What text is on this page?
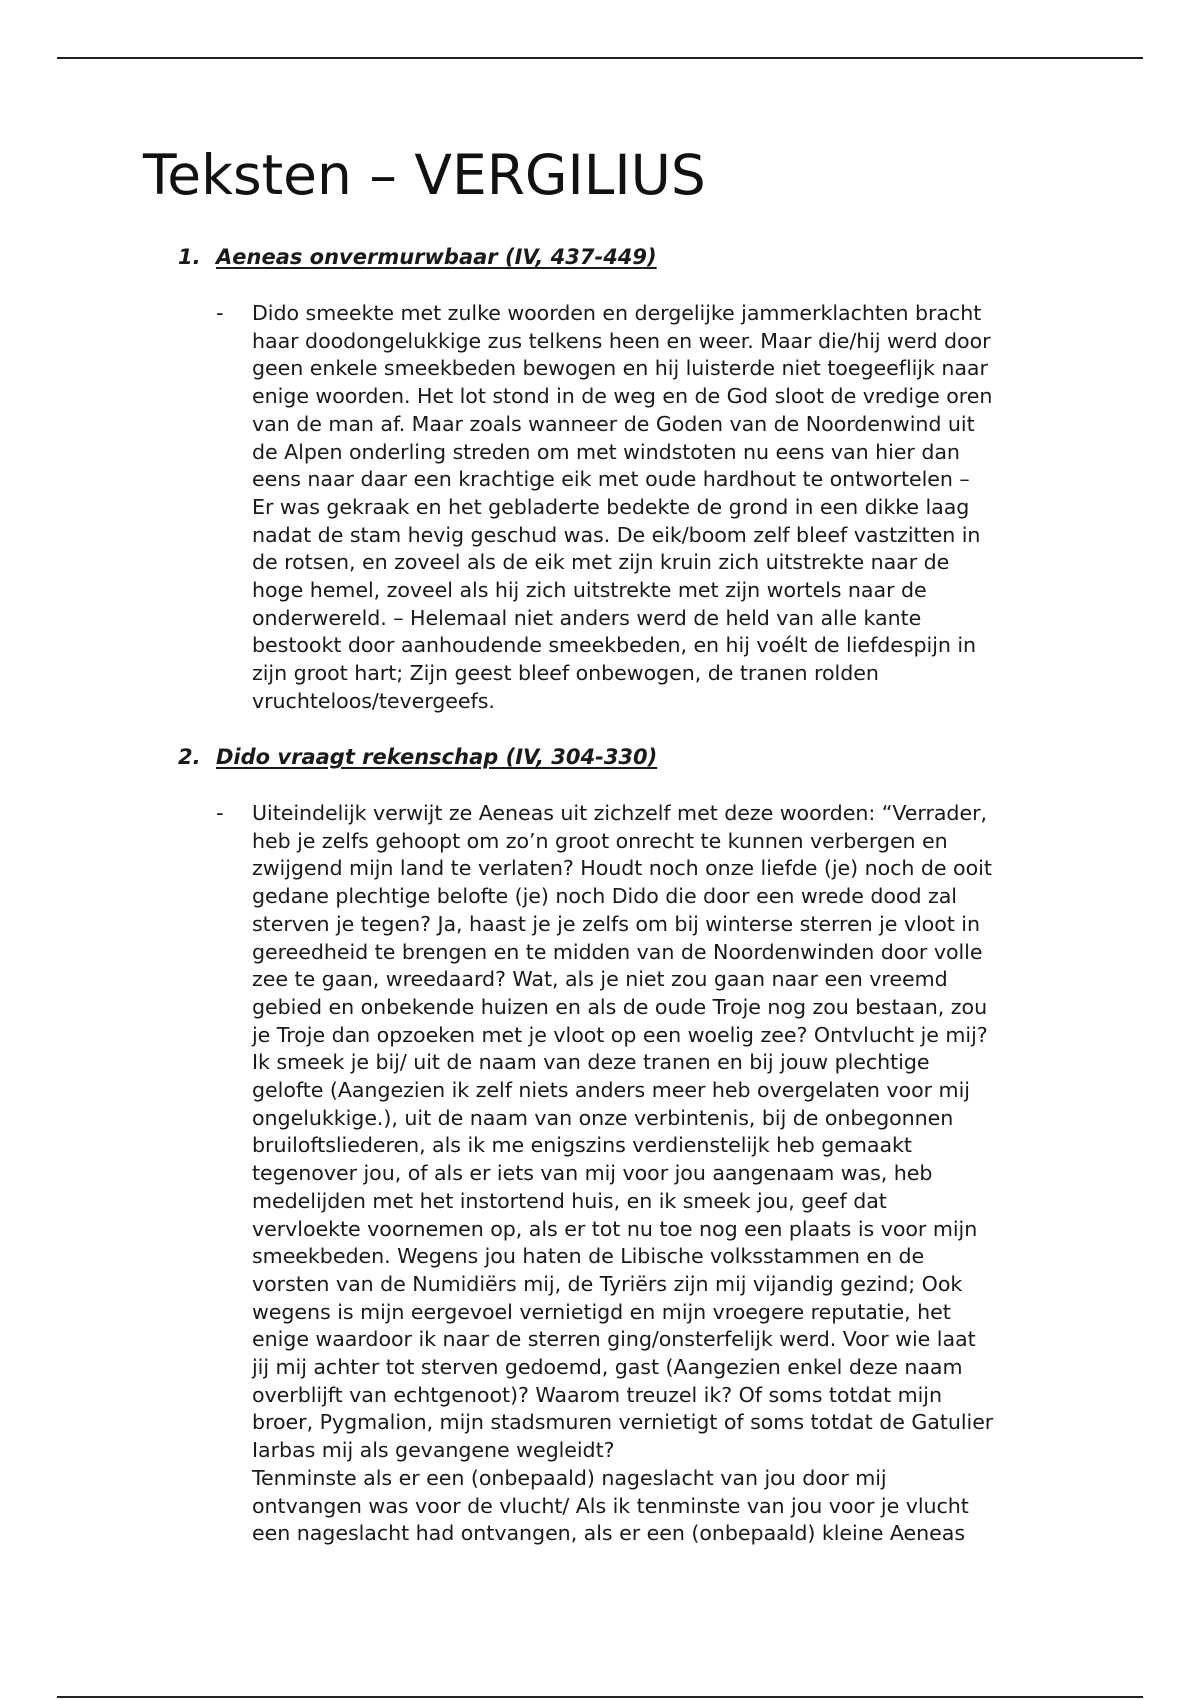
Teksten – VERGILIUS
1. Aeneas onvermurwbaar (IV, 437-449)
-	Dido smeekte met zulke woorden en dergelijke jammerklachten bracht
haar doodongelukkige zus telkens heen en weer. Maar die/hij werd door
geen enkele smeekbeden bewogen en hij luisterde niet toegeeflijk naar
enige woorden. Het lot stond in de weg en de God sloot de vredige oren
van de man af. Maar zoals wanneer de Goden van de Noordenwind uit
de Alpen onderling streden om met windstoten nu eens van hier dan
eens naar daar een krachtige eik met oude hardhout te ontwortelen –
Er was gekraak en het gebladerte bedekte de grond in een dikke laag
nadat de stam hevig geschud was. De eik/boom zelf bleef vastzitten in
de rotsen, en zoveel als de eik met zijn kruin zich uitstrekte naar de
hoge hemel, zoveel als hij zich uitstrekte met zijn wortels naar de
onderwereld. – Helemaal niet anders werd de held van alle kante
bestookt door aanhoudende smeekbeden, en hij voélt de liefdespijn in
zijn groot hart; Zijn geest bleef onbewogen, de tranen rolden
vruchteloos/tevergeefs.
2. Dido vraagt rekenschap (IV, 304-330)
-	Uiteindelijk verwijt ze Aeneas uit zichzelf met deze woorden: “Verrader,
heb je zelfs gehoopt om zo’n groot onrecht te kunnen verbergen en
zwijgend mijn land te verlaten? Houdt noch onze liefde (je) noch de ooit
gedane plechtige belofte (je) noch Dido die door een wrede dood zal
sterven je tegen? Ja, haast je je zelfs om bij winterse sterren je vloot in
gereedheid te brengen en te midden van de Noordenwinden door volle
zee te gaan, wreedaard? Wat, als je niet zou gaan naar een vreemd
gebied en onbekende huizen en als de oude Troje nog zou bestaan, zou
je Troje dan opzoeken met je vloot op een woelig zee? Ontvlucht je mij?
Ik smeek je bij/ uit de naam van deze tranen en bij jouw plechtige
gelofte (Aangezien ik zelf niets anders meer heb overgelaten voor mij
ongelukkige.), uit de naam van onze verbintenis, bij de onbegonnen
bruiloftsliederen, als ik me enigszins verdienstelijk heb gemaakt
tegenover jou, of als er iets van mij voor jou aangenaam was, heb
medelijden met het instortend huis, en ik smeek jou, geef dat
vervloekte voornemen op, als er tot nu toe nog een plaats is voor mijn
smeekbeden. Wegens jou haten de Libische volksstammen en de
vorsten van de Numidiërs mij, de Tyriërs zijn mij vijandig gezind; Ook
wegens is mijn eergevoel vernietigd en mijn vroegere reputatie, het
enige waardoor ik naar de sterren ging/onsterfelijk werd. Voor wie laat
jij mij achter tot sterven gedoemd, gast (Aangezien enkel deze naam
overblijft van echtgenoot)? Waarom treuzel ik? Of soms totdat mijn
broer, Pygmalion, mijn stadsmuren vernietigt of soms totdat de Gatulier
Iarbas mij als gevangene wegleidt?
Tenminste als er een (onbepaald) nageslacht van jou door mij
ontvangen was voor de vlucht/ Als ik tenminste van jou voor je vlucht
een nageslacht had ontvangen, als er een (onbepaald) kleine Aeneas
